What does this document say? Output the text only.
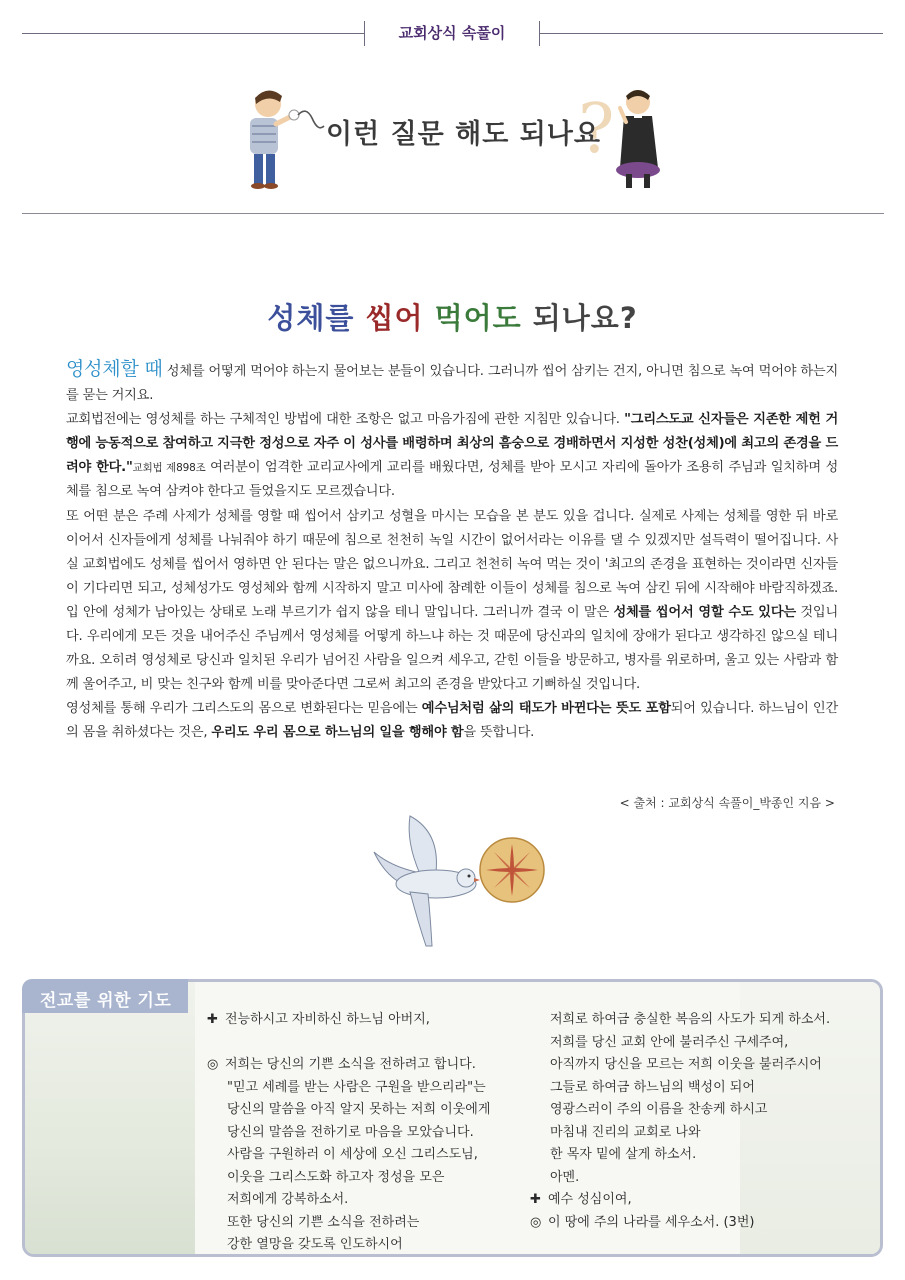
교회상식 속풀이
?
이런 질문 해도 되나요
성체를 씹어 먹어도 되나요?

영성체할 때 성체를 어떻게 먹어야 하는지 물어보는 분들이 있습니다. 그러니까 씹어 삼키는 건지, 아니면 침으로 녹여 먹어야 하는지를 묻는 거지요.

교회법전에는 영성체를 하는 구체적인 방법에 대한 조항은 없고 마음가짐에 관한 지침만 있습니다. "그리스도교 신자들은 지존한 제헌 거행에 능동적으로 참여하고 지극한 정성으로 자주 이 성사를 배령하며 최상의 흠숭으로 경배하면서 지성한 성찬(성체)에 최고의 존경을 드려야 한다."교회법 제898조 여러분이 엄격한 교리교사에게 교리를 배웠다면, 성체를 받아 모시고 자리에 돌아가 조용히 주님과 일치하며 성체를 침으로 녹여 삼켜야 한다고 들었을지도 모르겠습니다.

또 어떤 분은 주례 사제가 성체를 영할 때 씹어서 삼키고 성혈을 마시는 모습을 본 분도 있을 겁니다. 실제로 사제는 성체를 영한 뒤 바로 이어서 신자들에게 성체를 나눠줘야 하기 때문에 침으로 천천히 녹일 시간이 없어서라는 이유를 댈 수 있겠지만 설득력이 떨어집니다. 사실 교회법에도 성체를 씹어서 영하면 안 된다는 말은 없으니까요. 그리고 천천히 녹여 먹는 것이 '최고의 존경을 표현하는 것이라면 신자들이 기다리면 되고, 성체성가도 영성체와 함께 시작하지 말고 미사에 참례한 이들이 성체를 침으로 녹여 삼킨 뒤에 시작해야 바람직하겠죠. 입 안에 성체가 남아있는 상태로 노래 부르기가 쉽지 않을 테니 말입니다. 그러니까 결국 이 말은 성체를 씹어서 영할 수도 있다는 것입니다. 우리에게 모든 것을 내어주신 주님께서 영성체를 어떻게 하느냐 하는 것 때문에 당신과의 일치에 장애가 된다고 생각하진 않으실 테니까요. 오히려 영성체로 당신과 일치된 우리가 넘어진 사람을 일으켜 세우고, 갇힌 이들을 방문하고, 병자를 위로하며, 울고 있는 사람과 함께 울어주고, 비 맞는 친구와 함께 비를 맞아준다면 그로써 최고의 존경을 받았다고 기뻐하실 것입니다.

영성체를 통해 우리가 그리스도의 몸으로 변화된다는 믿음에는 예수님처럼 삶의 태도가 바뀐다는 뜻도 포함되어 있습니다. 하느님이 인간의 몸을 취하셨다는 것은, 우리도 우리 몸으로 하느님의 일을 행해야 함을 뜻합니다.

< 출처 : 교회상식 속풀이_박종인 지음 >
전교를 위한 기도
✚ 전능하시고 자비하신 하느님 아버지,

◎ 저희는 당신의 기쁜 소식을 전하려고 합니다.
"믿고 세례를 받는 사람은 구원을 받으리라"는
당신의 말씀을 아직 알지 못하는 저희 이웃에게
당신의 말씀을 전하기로 마음을 모았습니다.
사람을 구원하러 이 세상에 오신 그리스도님,
이웃을 그리스도화 하고자 정성을 모은
저희에게 강복하소서.
또한 당신의 기쁜 소식을 전하려는
강한 열망을 갖도록 인도하시어
저희로 하여금 충실한 복음의 사도가 되게 하소서.
저희를 당신 교회 안에 불러주신 구세주여,
아직까지 당신을 모르는 저희 이웃을 불러주시어
그들로 하여금 하느님의 백성이 되어
영광스러이 주의 이름을 찬송케 하시고
마침내 진리의 교회로 나와
한 목자 밑에 살게 하소서.
아멘.
✚ 예수 성심이여,
◎ 이 땅에 주의 나라를 세우소서. (3번)
